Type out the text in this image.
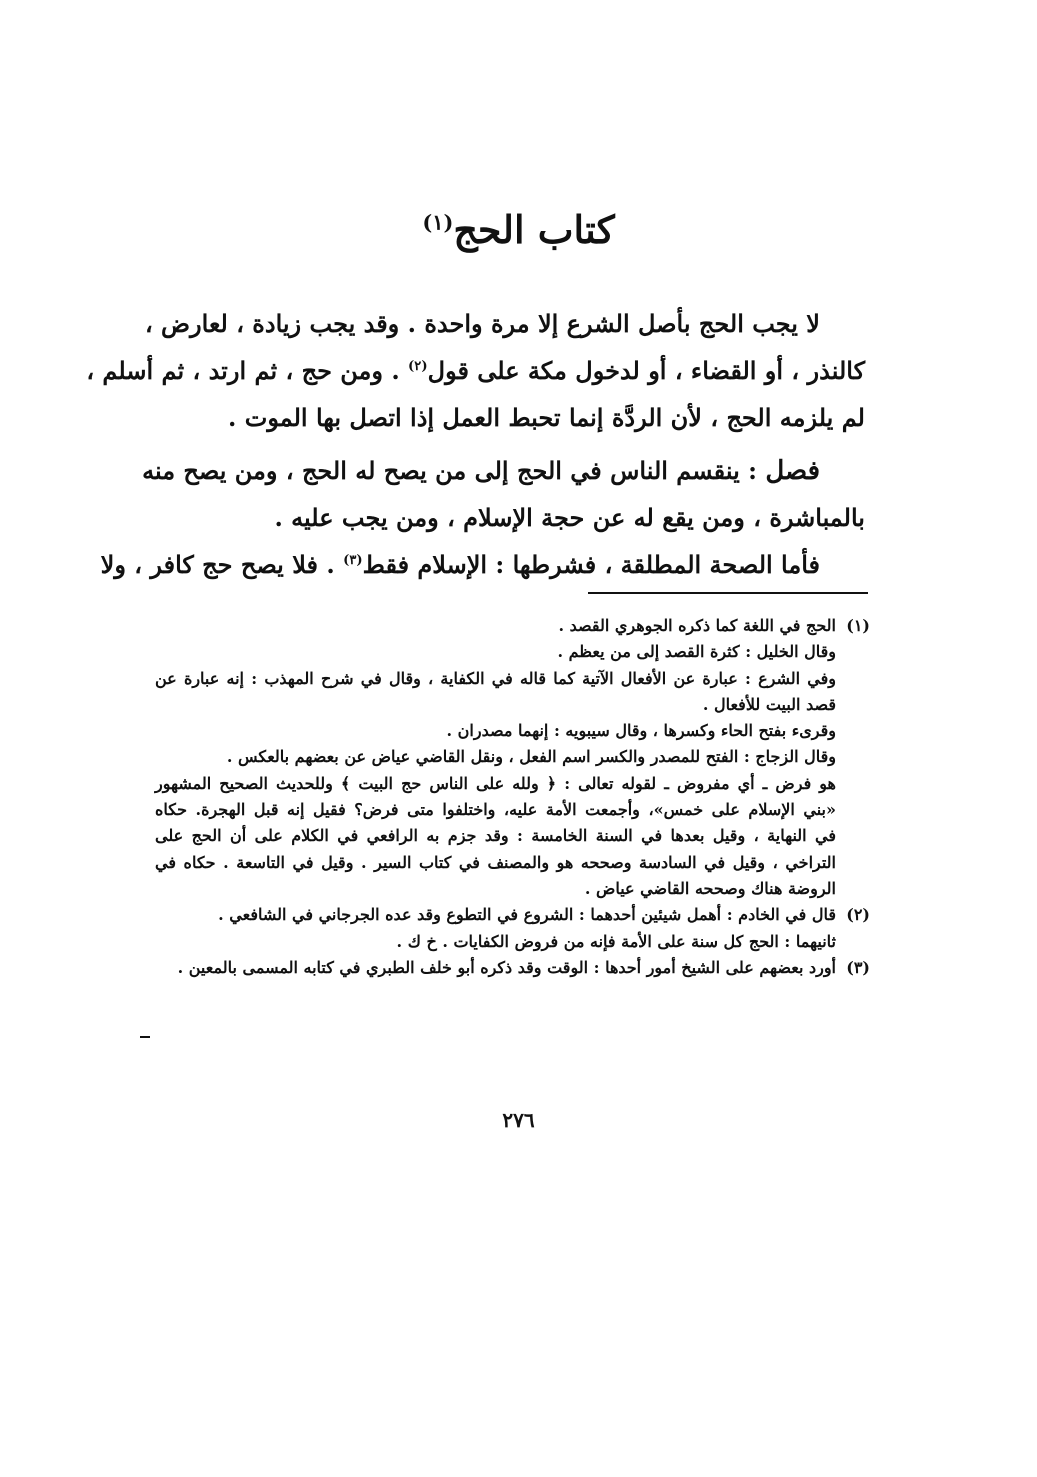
كتاب الحج$^{(١)}$
لا يجب الحج بأصل الشرع إلا مرة واحدة . وقد يجب زيادة ، لعارض ،
كالنذر ، أو القضاء ، أو لدخول مكة على قول$^{(٢)}$ . ومن حج ، ثم ارتد ، ثم أسلم ،
لم يلزمه الحج ، لأن الردَّة إنما تحبط العمل إذا اتصل بها الموت .
فصل : ينقسم الناس في الحج إلى من يصح له الحج ، ومن يصح منه
بالمباشرة ، ومن يقع له عن حجة الإسلام ، ومن يجب عليه .
فأما الصحة المطلقة ، فشرطها : الإسلام فقط$^{(٣)}$ . فلا يصح حج كافر ، ولا
(١)الحج في اللغة كما ذكره الجوهري القصد .
وقال الخليل : كثرة القصد إلى من يعظم .
وفي الشرع : عبارة عن الأفعال الآتية كما قاله في الكفاية ، وقال في شرح المهذب : إنه عبارة عن
قصد البيت للأفعال .
وقرىء بفتح الحاء وكسرها ، وقال سيبويه : إنهما مصدران .
وقال الزجاج : الفتح للمصدر والكسر اسم الفعل ، ونقل القاضي عياض عن بعضهم بالعكس .
هو فرض ـ أي مفروض ـ لقوله تعالى : ﴿ ولله على الناس حج البيت ﴾ وللحديث الصحيح المشهور
«بني الإسلام على خمس»، وأجمعت الأمة عليه، واختلفوا متى فرض؟ فقيل إنه قبل الهجرة. حكاه
في النهاية ، وقيل بعدها في السنة الخامسة : وقد جزم به الرافعي في الكلام على أن الحج على
التراخي ، وقيل في السادسة وصححه هو والمصنف في كتاب السير . وقيل في التاسعة . حكاه في
الروضة هناك وصححه القاضي عياض .
(٢)قال في الخادم : أهمل شيئين أحدهما : الشروع في التطوع وقد عده الجرجاني في الشافعي .
ثانيهما : الحج كل سنة على الأمة فإنه من فروض الكفايات . خ ك .
(٣)أورد بعضهم على الشيخ أمور أحدها : الوقت وقد ذكره أبو خلف الطبري في كتابه المسمى بالمعين .
٢٧٦
